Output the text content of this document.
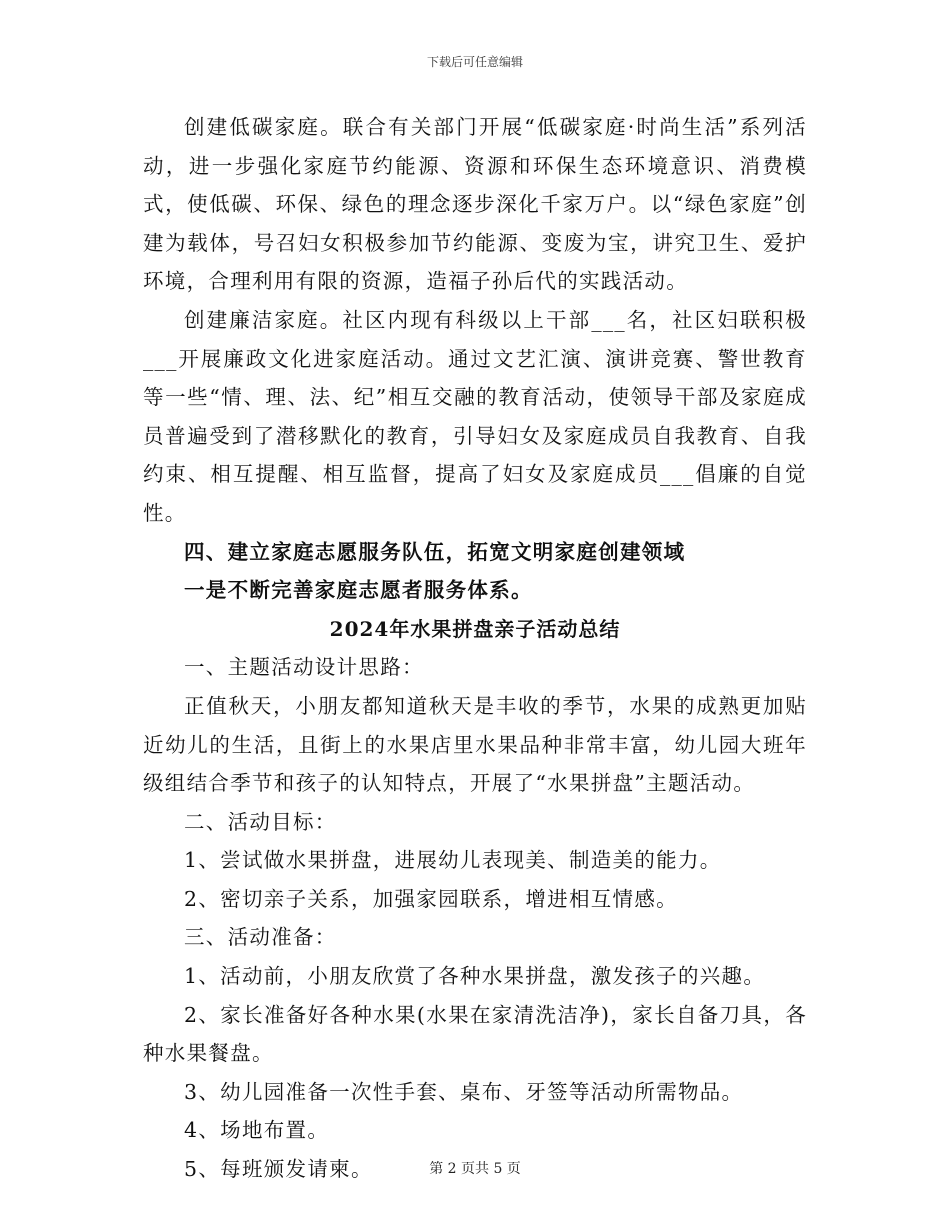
下载后可任意编辑

创建低碳家庭。联合有关部门开展“低碳家庭·时尚生活”系列活动，进一步强化家庭节约能源、资源和环保生态环境意识、消费模式，使低碳、环保、绿色的理念逐步深化千家万户。以“绿色家庭”创建为载体，号召妇女积极参加节约能源、变废为宝，讲究卫生、爱护环境，合理利用有限的资源，造福子孙后代的实践活动。

创建廉洁家庭。社区内现有科级以上干部___名，社区妇联积极___开展廉政文化进家庭活动。通过文艺汇演、演讲竞赛、警世教育等一些“情、理、法、纪”相互交融的教育活动，使领导干部及家庭成员普遍受到了潜移默化的教育，引导妇女及家庭成员自我教育、自我约束、相互提醒、相互监督，提高了妇女及家庭成员___倡廉的自觉性。

四、建立家庭志愿服务队伍，拓宽文明家庭创建领域

一是不断完善家庭志愿者服务体系。

2024年水果拼盘亲子活动总结

一、主题活动设计思路：

正值秋天，小朋友都知道秋天是丰收的季节，水果的成熟更加贴近幼儿的生活，且街上的水果店里水果品种非常丰富，幼儿园大班年级组结合季节和孩子的认知特点，开展了“水果拼盘”主题活动。

二、活动目标：

1、尝试做水果拼盘，进展幼儿表现美、制造美的能力。

2、密切亲子关系，加强家园联系，增进相互情感。

三、活动准备：

1、活动前，小朋友欣赏了各种水果拼盘，激发孩子的兴趣。

2、家长准备好各种水果(水果在家清洗洁净)，家长自备刀具，各种水果餐盘。

3、幼儿园准备一次性手套、桌布、牙签等活动所需物品。

4、场地布置。

5、每班颁发请柬。	第 2 页共 5 页
